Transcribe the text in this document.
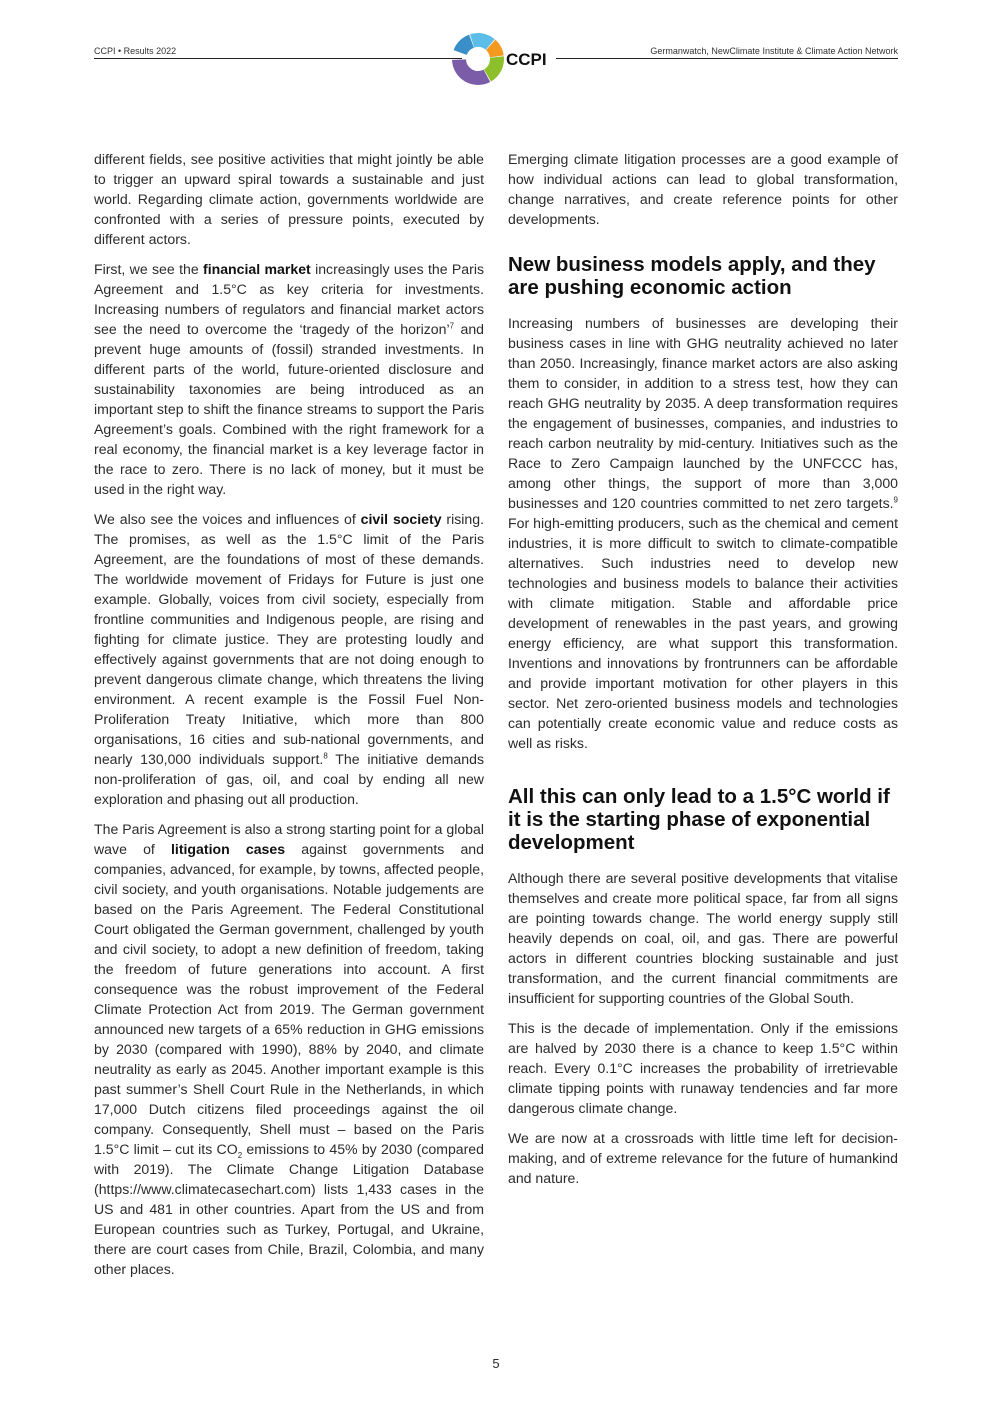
CCPI • Results 2022	Germanwatch, NewClimate Institute & Climate Action Network
CCPI

different fields, see positive activities that might jointly be able to trigger an upward spiral towards a sustainable and just world. Regarding climate action, governments worldwide are confronted with a series of pressure points, executed by different actors.

First, we see the financial market increasingly uses the Paris Agreement and 1.5°C as key criteria for investments. Increasing numbers of regulators and financial market actors see the need to overcome the ‘tragedy of the horizon’$^7$ and prevent huge amounts of (fossil) stranded investments. In different parts of the world, future-oriented disclosure and sustainability taxonomies are being introduced as an important step to shift the finance streams to support the Paris Agreement’s goals. Combined with the right framework for a real economy, the financial market is a key leverage factor in the race to zero. There is no lack of money, but it must be used in the right way.

We also see the voices and influences of civil society rising. The promises, as well as the 1.5°C limit of the Paris Agreement, are the foundations of most of these demands. The worldwide movement of Fridays for Future is just one example. Globally, voices from civil society, especially from frontline communities and Indigenous people, are rising and fighting for climate justice. They are protesting loudly and effectively against governments that are not doing enough to prevent dangerous climate change, which threatens the living environment. A recent example is the Fossil Fuel Non-Proliferation Treaty Initiative, which more than 800 organisations, 16 cities and sub-national governments, and nearly 130,000 individuals support.$^8$ The initiative demands non-proliferation of gas, oil, and coal by ending all new exploration and phasing out all production.

The Paris Agreement is also a strong starting point for a global wave of litigation cases against governments and companies, advanced, for example, by towns, affected people, civil society, and youth organisations. Notable judgements are based on the Paris Agreement. The Federal Constitutional Court obligated the German government, challenged by youth and civil society, to adopt a new definition of freedom, taking the freedom of future generations into account. A first consequence was the robust improvement of the Federal Climate Protection Act from 2019. The German government announced new targets of a 65% reduction in GHG emissions by 2030 (compared with 1990), 88% by 2040, and climate neutrality as early as 2045. Another important example is this past summer’s Shell Court Rule in the Netherlands, in which 17,000 Dutch citizens filed proceedings against the oil company. Consequently, Shell must – based on the Paris 1.5°C limit – cut its $CO_2$ emissions to 45% by 2030 (compared with 2019). The Climate Change Litigation Database (https://www.climatecasechart.com) lists 1,433 cases in the US and 481 in other countries. Apart from the US and from European countries such as Turkey, Portugal, and Ukraine, there are court cases from Chile, Brazil, Colombia, and many other places.

Emerging climate litigation processes are a good example of how individual actions can lead to global transformation, change narratives, and create reference points for other developments.

New business models apply, and they are pushing economic action

Increasing numbers of businesses are developing their business cases in line with GHG neutrality achieved no later than 2050. Increasingly, finance market actors are also asking them to consider, in addition to a stress test, how they can reach GHG neutrality by 2035. A deep transformation requires the engagement of businesses, companies, and industries to reach carbon neutrality by mid-century. Initiatives such as the Race to Zero Campaign launched by the UNFCCC has, among other things, the support of more than 3,000 businesses and 120 countries committed to net zero targets.$^9$ For high-emitting producers, such as the chemical and cement industries, it is more difficult to switch to climate-compatible alternatives. Such industries need to develop new technologies and business models to balance their activities with climate mitigation. Stable and affordable price development of renewables in the past years, and growing energy efficiency, are what support this transformation. Inventions and innovations by frontrunners can be affordable and provide important motivation for other players in this sector. Net zero-oriented business models and technologies can potentially create economic value and reduce costs as well as risks.

All this can only lead to a 1.5°C world if it is the starting phase of exponential development

Although there are several positive developments that vitalise themselves and create more political space, far from all signs are pointing towards change. The world energy supply still heavily depends on coal, oil, and gas. There are powerful actors in different countries blocking sustainable and just transformation, and the current financial commitments are insufficient for supporting countries of the Global South.

This is the decade of implementation. Only if the emissions are halved by 2030 there is a chance to keep 1.5°C within reach. Every 0.1°C increases the probability of irretrievable climate tipping points with runaway tendencies and far more dangerous climate change.

We are now at a crossroads with little time left for decision-making, and of extreme relevance for the future of humankind and nature.

5
